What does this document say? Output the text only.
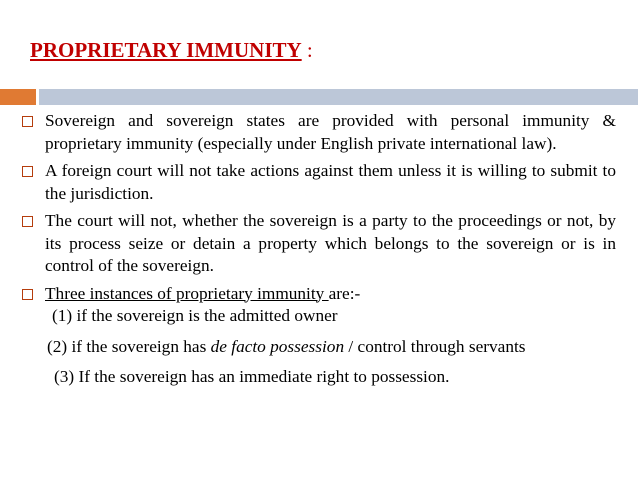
PROPRIETARY IMMUNITY :
Sovereign and sovereign states are provided with personal immunity & proprietary immunity (especially under English private international law).
A foreign court will not take actions against them unless it is willing to submit to the jurisdiction.
The court will not, whether the sovereign is a party to the proceedings or not, by its process seize or detain a property which belongs to the sovereign or is in control of the sovereign.
Three instances of proprietary immunity are:-
(1) if the sovereign is the admitted owner
(2) if the sovereign has de facto possession / control through servants
(3) If the sovereign has an immediate right to possession.
